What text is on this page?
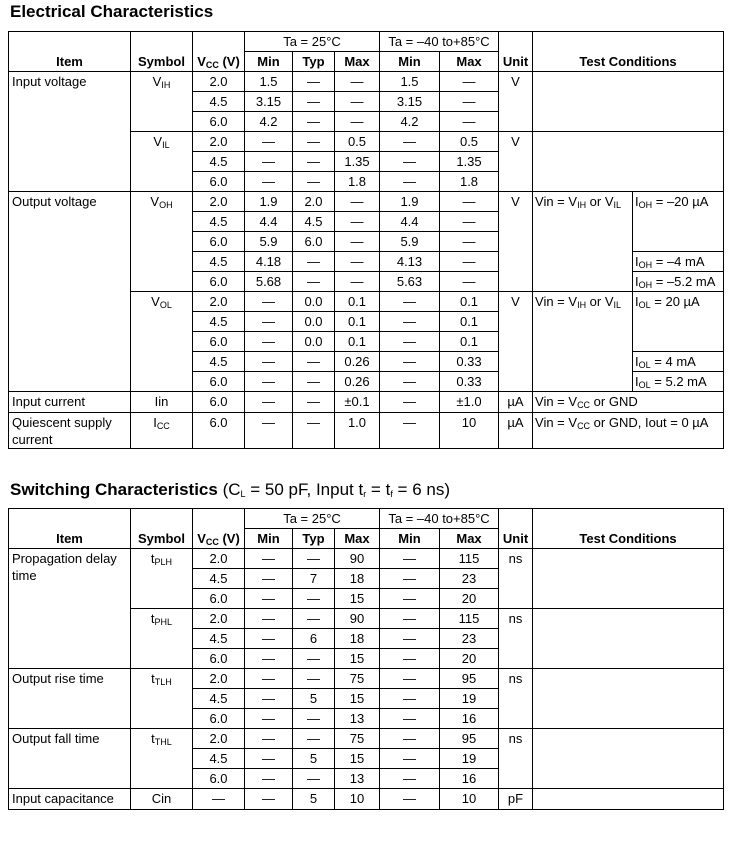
Electrical Characteristics
Item	Symbol	$V_{CC}$ (V)	Ta = 25°C			Ta = –40 to+85°C		Unit	Test Conditions	
			Min	Typ	Max	Min	Max			
Input voltage	$V_{IH}$	2.0	1.5	—	—	1.5	—	V		
		4.5	3.15	—	—	3.15	—			
		6.0	4.2	—	—	4.2	—			
	$V_{IL}$	2.0	—	—	0.5	—	0.5	V		
		4.5	—	—	1.35	—	1.35			
		6.0	—	—	1.8	—	1.8			
Output voltage	$V_{OH}$	2.0	1.9	2.0	—	1.9	—	V	Vin = $V_{IH}$ or $V_{IL}$	$I_{OH} = -20$ µA
		4.5	4.4	4.5	—	4.4	—			
		6.0	5.9	6.0	—	5.9	—			
		4.5	4.18	—	—	4.13	—			$I_{OH} = -4$ mA
		6.0	5.68	—	—	5.63	—			$I_{OH} = -5.2$ mA
	$V_{OL}$	2.0	—	0.0	0.1	—	0.1	V	Vin = $V_{IH}$ or $V_{IL}$	$I_{OL} = 20$ µA
		4.5	—	0.0	0.1	—	0.1			
		6.0	—	0.0	0.1	—	0.1			
		4.5	—	—	0.26	—	0.33			$I_{OL} = 4$ mA
		6.0	—	—	0.26	—	0.33			$I_{OL} = 5.2$ mA
Input current	Iin	6.0	—	—	±0.1	—	±1.0	µA	Vin = $V_{CC}$ or GND	
Quiescent supply current	$I_{CC}$	6.0	—	—	1.0	—	10	µA	Vin = $V_{CC}$ or GND, Iout = 0 µA	
Switching Characteristics ($C_L = 50$ pF, Input $t_r = t_f = 6$ ns)
Item	Symbol	$V_{CC}$ (V)	Ta = 25°C			Ta = –40 to+85°C		Unit	Test Conditions
			Min	Typ	Max	Min	Max		
Propagation delay time	$t_{PLH}$	2.0	—	—	90	—	115	ns	
		4.5	—	7	18	—	23		
		6.0	—	—	15	—	20		
	$t_{PHL}$	2.0	—	—	90	—	115	ns	
		4.5	—	6	18	—	23		
		6.0	—	—	15	—	20		
Output rise time	$t_{TLH}$	2.0	—	—	75	—	95	ns	
		4.5	—	5	15	—	19		
		6.0	—	—	13	—	16		
Output fall time	$t_{THL}$	2.0	—	—	75	—	95	ns	
		4.5	—	5	15	—	19		
		6.0	—	—	13	—	16		
Input capacitance	Cin	—	—	5	10	—	10	pF	
